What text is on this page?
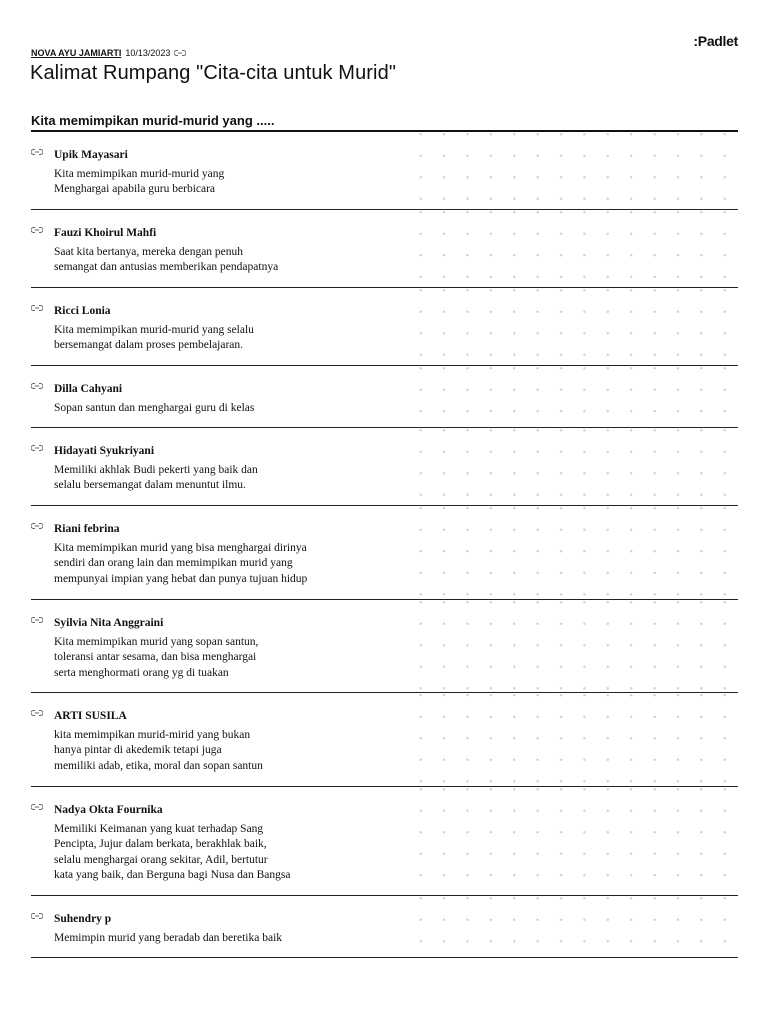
:Padlet
NOVA AYU JAMIARTI 10/13/2023
Kalimat Rumpang "Cita-cita untuk Murid"
Kita memimpikan murid-murid yang .....
Upik Mayasari
Kita memimpikan murid-murid yang
Menghargai apabila guru berbicara
Fauzi Khoirul Mahfi
Saat kita bertanya, mereka dengan penuh
semangat dan antusias memberikan pendapatnya
Ricci Lonia
Kita memimpikan murid-murid yang selalu
bersemangat dalam proses pembelajaran.
Dilla Cahyani
Sopan santun dan menghargai guru di kelas
Hidayati Syukriyani
Memiliki akhlak Budi pekerti yang baik dan
selalu bersemangat dalam menuntut ilmu.
Riani febrina
Kita memimpikan murid yang bisa menghargai dirinya
sendiri dan orang lain dan memimpikan murid yang
mempunyai impian yang hebat dan punya tujuan hidup
Syilvia Nita Anggraini
Kita memimpikan murid yang sopan santun,
toleransi antar sesama, dan bisa menghargai
serta menghormati orang yg di tuakan
ARTI SUSILA
kita memimpikan murid-mirid yang bukan
hanya pintar di akedemik tetapi juga
memiliki adab, etika, moral dan sopan santun
Nadya Okta Fournika
Memiliki Keimanan yang kuat terhadap Sang
Pencipta, Jujur dalam berkata, berakhlak baik,
selalu menghargai orang sekitar, Adil, bertutur
kata yang baik, dan Berguna bagi Nusa dan Bangsa
Suhendry p
Memimpin murid yang beradab dan beretika baik
